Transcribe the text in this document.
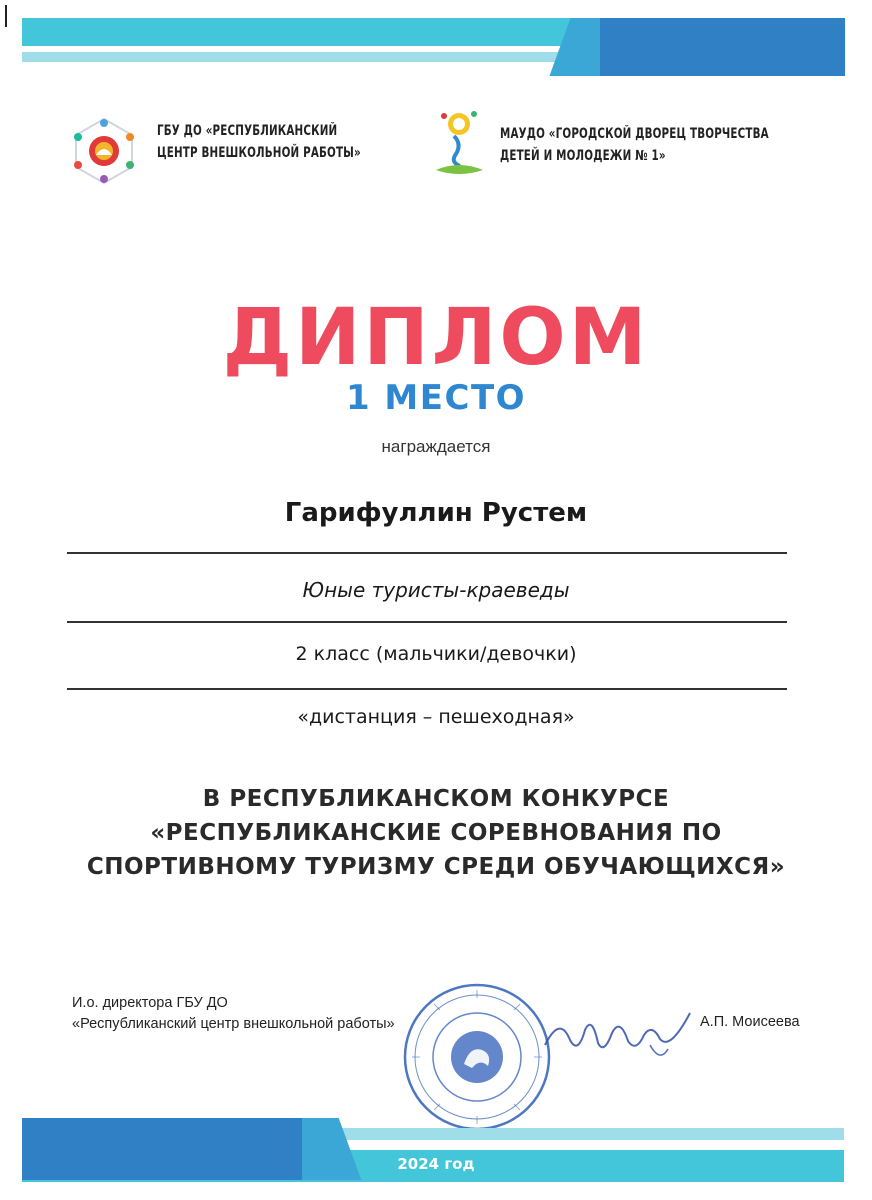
ГБУ ДО «РЕСПУБЛИКАНСКИЙ
ЦЕНТР ВНЕШКОЛЬНОЙ РАБОТЫ»
МАУДО «ГОРОДСКОЙ ДВОРЕЦ ТВОРЧЕСТВА
ДЕТЕЙ И МОЛОДЕЖИ № 1»
ДИПЛОМ
1 МЕСТО
награждается
Гарифуллин Рустем
Юные туристы-краеведы
2 класс (мальчики/девочки)
«дистанция – пешеходная»
В РЕСПУБЛИКАНСКОМ КОНКУРСЕ
«РЕСПУБЛИКАНСКИЕ СОРЕВНОВАНИЯ ПО
СПОРТИВНОМУ ТУРИЗМУ СРЕДИ ОБУЧАЮЩИХСЯ»
И.о. директора ГБУ ДО
«Республиканский центр внешкольной работы»	А.П. Моисеева
2024 год
